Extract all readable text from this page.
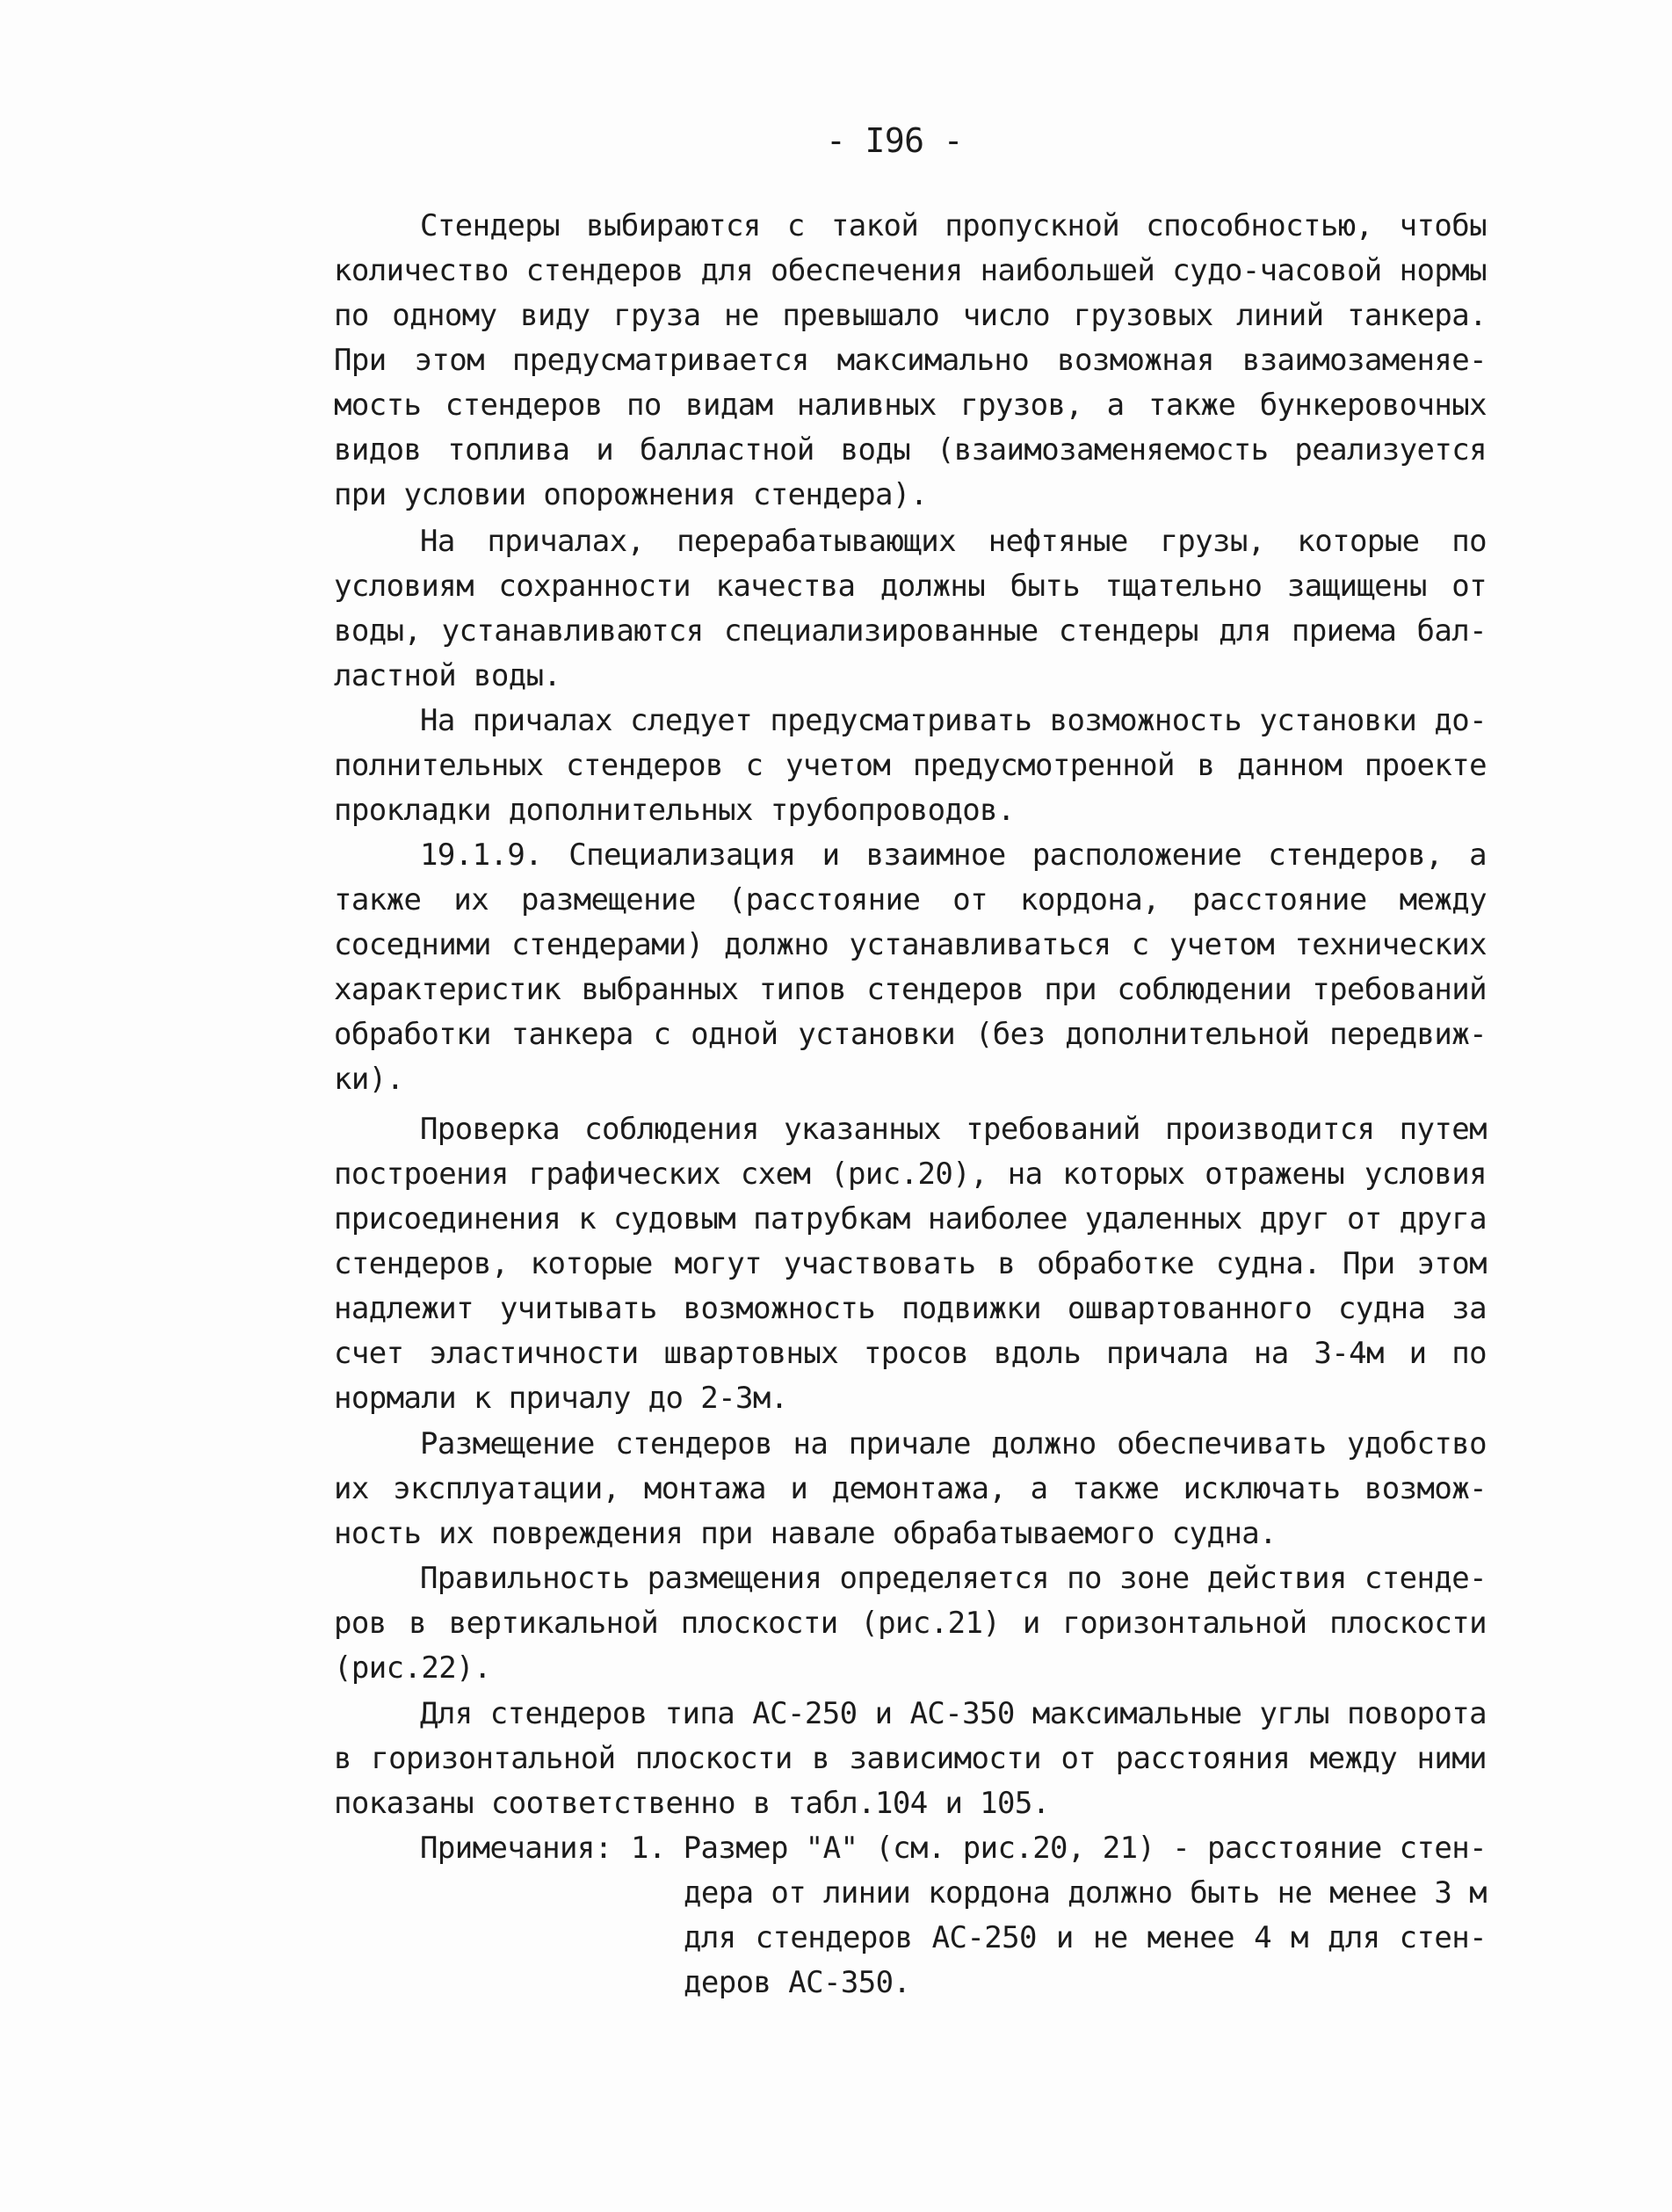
- I96 -
Стендеры выбираются с такой пропускной способностью, чтобы
количество стендеров для обеспечения наибольшей судо-часовой нормы
по одному виду груза не превышало число грузовых линий танкера.
При этом предусматривается максимально возможная взаимозаменяе-
мость стендеров по видам наливных грузов, а также бункеровочных
видов топлива и балластной воды (взаимозаменяемость реализуется
при условии опорожнения стендера).
На причалах, перерабатывающих нефтяные грузы, которые по
условиям сохранности качества должны быть тщательно защищены от
воды, устанавливаются специализированные стендеры для приема бал-
ластной воды.
На причалах следует предусматривать возможность установки до-
полнительных стендеров с учетом предусмотренной в данном проекте
прокладки дополнительных трубопроводов.
19.1.9. Специализация и взаимное расположение стендеров, а
также их размещение (расстояние от кордона, расстояние между
соседними стендерами) должно устанавливаться с учетом технических
характеристик выбранных типов стендеров при соблюдении требований
обработки танкера с одной установки (без дополнительной передвиж-
ки).
Проверка соблюдения указанных требований производится путем
построения графических схем (рис.20), на которых отражены условия
присоединения к судовым патрубкам наиболее удаленных друг от друга
стендеров, которые могут участвовать в обработке судна. При этом
надлежит учитывать возможность подвижки ошвартованного судна за
счет эластичности швартовных тросов вдоль причала на 3-4м и по
нормали к причалу до 2-3м.
Размещение стендеров на причале должно обеспечивать удобство
их эксплуатации, монтажа и демонтажа, а также исключать возмож-
ность их повреждения при навале обрабатываемого судна.
Правильность размещения определяется по зоне действия стенде-
ров в вертикальной плоскости (рис.21) и горизонтальной плоскости
(рис.22).
Для стендеров типа АС-250 и АС-350 максимальные углы поворота
в горизонтальной плоскости в зависимости от расстояния между ними
показаны соответственно в табл.104 и 105.
Примечания: 1. Размер "А" (см. рис.20, 21) - расстояние стен-
дера от линии кордона должно быть не менее 3 м
для стендеров АС-250 и не менее 4 м для стен-
деров АС-350.
